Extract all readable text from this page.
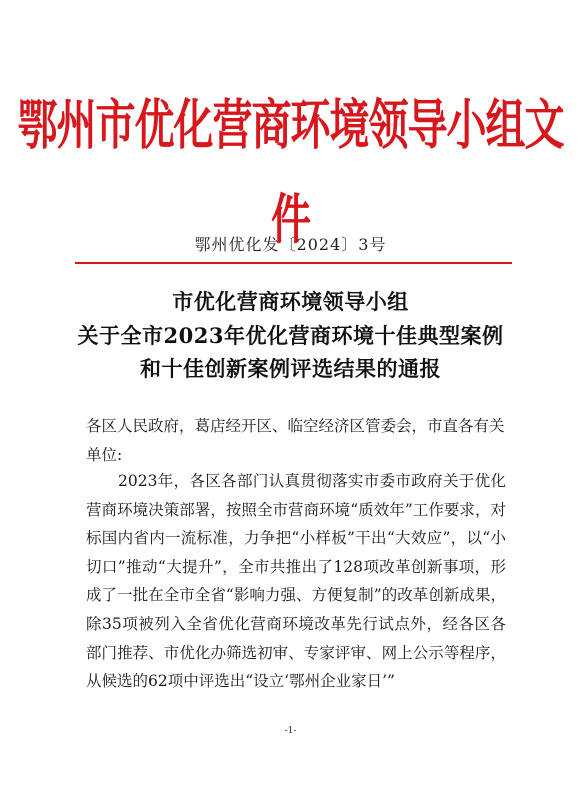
鄂州市优化营商环境领导小组文件
鄂州优化发〔2024〕3号
市优化营商环境领导小组
关于全市2023年优化营商环境十佳典型案例
和十佳创新案例评选结果的通报
各区人民政府，葛店经开区、临空经济区管委会，市直各有关单位:
2023年，各区各部门认真贯彻落实市委市政府关于优化营商环境决策部署，按照全市营商环境“质效年”工作要求，对标国内省内一流标准，力争把“小样板”干出“大效应”，以“小切口”推动“大提升”，全市共推出了128项改革创新事项，形成了一批在全市全省“影响力强、方便复制”的改革创新成果，除35项被列入全省优化营商环境改革先行试点外，经各区各部门推荐、市优化办筛选初审、专家评审、网上公示等程序，从候选的62项中评选出“设立‘鄂州企业家日’”
-1-
